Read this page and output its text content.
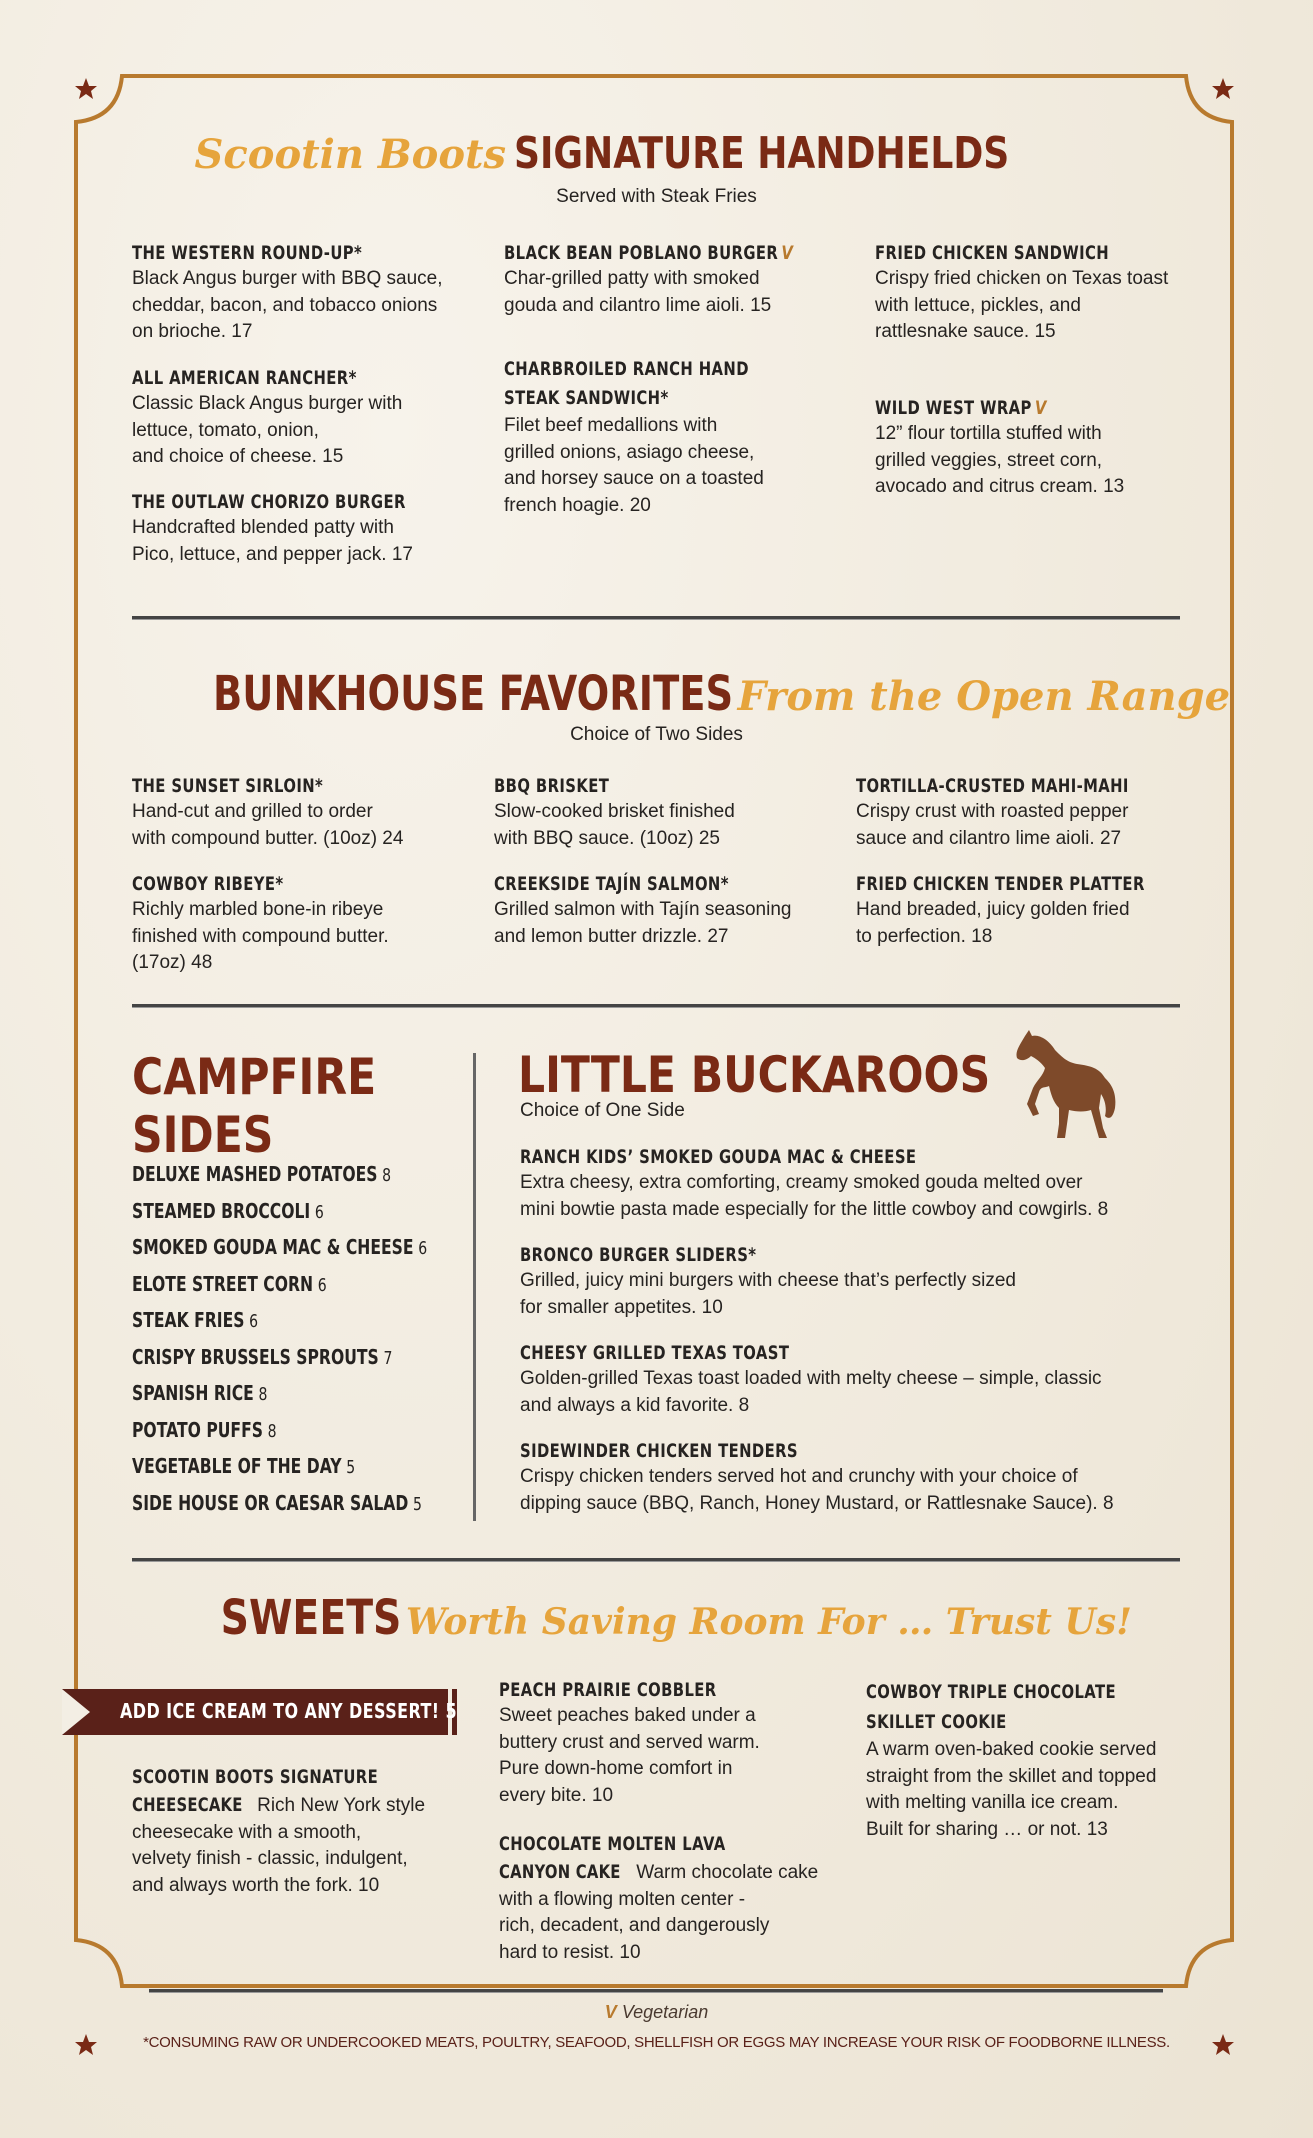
Scootin Boots SIGNATURE HANDHELDS
Served with Steak Fries
THE WESTERN ROUND-UP*
Black Angus burger with BBQ sauce,
cheddar, bacon, and tobacco onions
on brioche. 17
ALL AMERICAN RANCHER*
Classic Black Angus burger with
lettuce, tomato, onion,
and choice of cheese. 15
THE OUTLAW CHORIZO BURGER
Handcrafted blended patty with
Pico, lettuce, and pepper jack. 17
BLACK BEAN POBLANO BURGER V
Char-grilled patty with smoked
gouda and cilantro lime aioli. 15
CHARBROILED RANCH HAND
STEAK SANDWICH*
Filet beef medallions with
grilled onions, asiago cheese,
and horsey sauce on a toasted
french hoagie. 20
FRIED CHICKEN SANDWICH
Crispy fried chicken on Texas toast
with lettuce, pickles, and
rattlesnake sauce. 15
WILD WEST WRAP V
12” flour tortilla stuffed with
grilled veggies, street corn,
avocado and citrus cream. 13
BUNKHOUSE FAVORITES From the Open Range
Choice of Two Sides
THE SUNSET SIRLOIN*
Hand-cut and grilled to order
with compound butter. (10oz) 24
COWBOY RIBEYE*
Richly marbled bone-in ribeye
finished with compound butter.
(17oz) 48
BBQ BRISKET
Slow-cooked brisket finished
with BBQ sauce. (10oz) 25
CREEKSIDE TAJÍN SALMON*
Grilled salmon with Tajín seasoning
and lemon butter drizzle. 27
TORTILLA-CRUSTED MAHI-MAHI
Crispy crust with roasted pepper
sauce and cilantro lime aioli. 27
FRIED CHICKEN TENDER PLATTER
Hand breaded, juicy golden fried
to perfection. 18
CAMPFIRE
SIDES
DELUXE MASHED POTATOES 8
STEAMED BROCCOLI 6
SMOKED GOUDA MAC & CHEESE 6
ELOTE STREET CORN 6
STEAK FRIES 6
CRISPY BRUSSELS SPROUTS 7
SPANISH RICE 8
POTATO PUFFS 8
VEGETABLE OF THE DAY 5
SIDE HOUSE OR CAESAR SALAD 5
LITTLE BUCKAROOS
Choice of One Side
RANCH KIDS’ SMOKED GOUDA MAC & CHEESE
Extra cheesy, extra comforting, creamy smoked gouda melted over
mini bowtie pasta made especially for the little cowboy and cowgirls. 8
BRONCO BURGER SLIDERS*
Grilled, juicy mini burgers with cheese that’s perfectly sized
for smaller appetites. 10
CHEESY GRILLED TEXAS TOAST
Golden-grilled Texas toast loaded with melty cheese – simple, classic
and always a kid favorite. 8
SIDEWINDER CHICKEN TENDERS
Crispy chicken tenders served hot and crunchy with your choice of
dipping sauce (BBQ, Ranch, Honey Mustard, or Rattlesnake Sauce). 8
SWEETS Worth Saving Room For … Trust Us!
ADD ICE CREAM TO ANY DESSERT! 5
SCOOTIN BOOTS SIGNATURE
CHEESECAKE Rich New York style
cheesecake with a smooth,
velvety finish - classic, indulgent,
and always worth the fork. 10
PEACH PRAIRIE COBBLER
Sweet peaches baked under a
buttery crust and served warm.
Pure down-home comfort in
every bite. 10
CHOCOLATE MOLTEN LAVA
CANYON CAKE Warm chocolate cake
with a flowing molten center -
rich, decadent, and dangerously
hard to resist. 10
COWBOY TRIPLE CHOCOLATE
SKILLET COOKIE
A warm oven-baked cookie served
straight from the skillet and topped
with melting vanilla ice cream.
Built for sharing … or not. 13
V Vegetarian
*CONSUMING RAW OR UNDERCOOKED MEATS, POULTRY, SEAFOOD, SHELLFISH OR EGGS MAY INCREASE YOUR RISK OF FOODBORNE ILLNESS.
